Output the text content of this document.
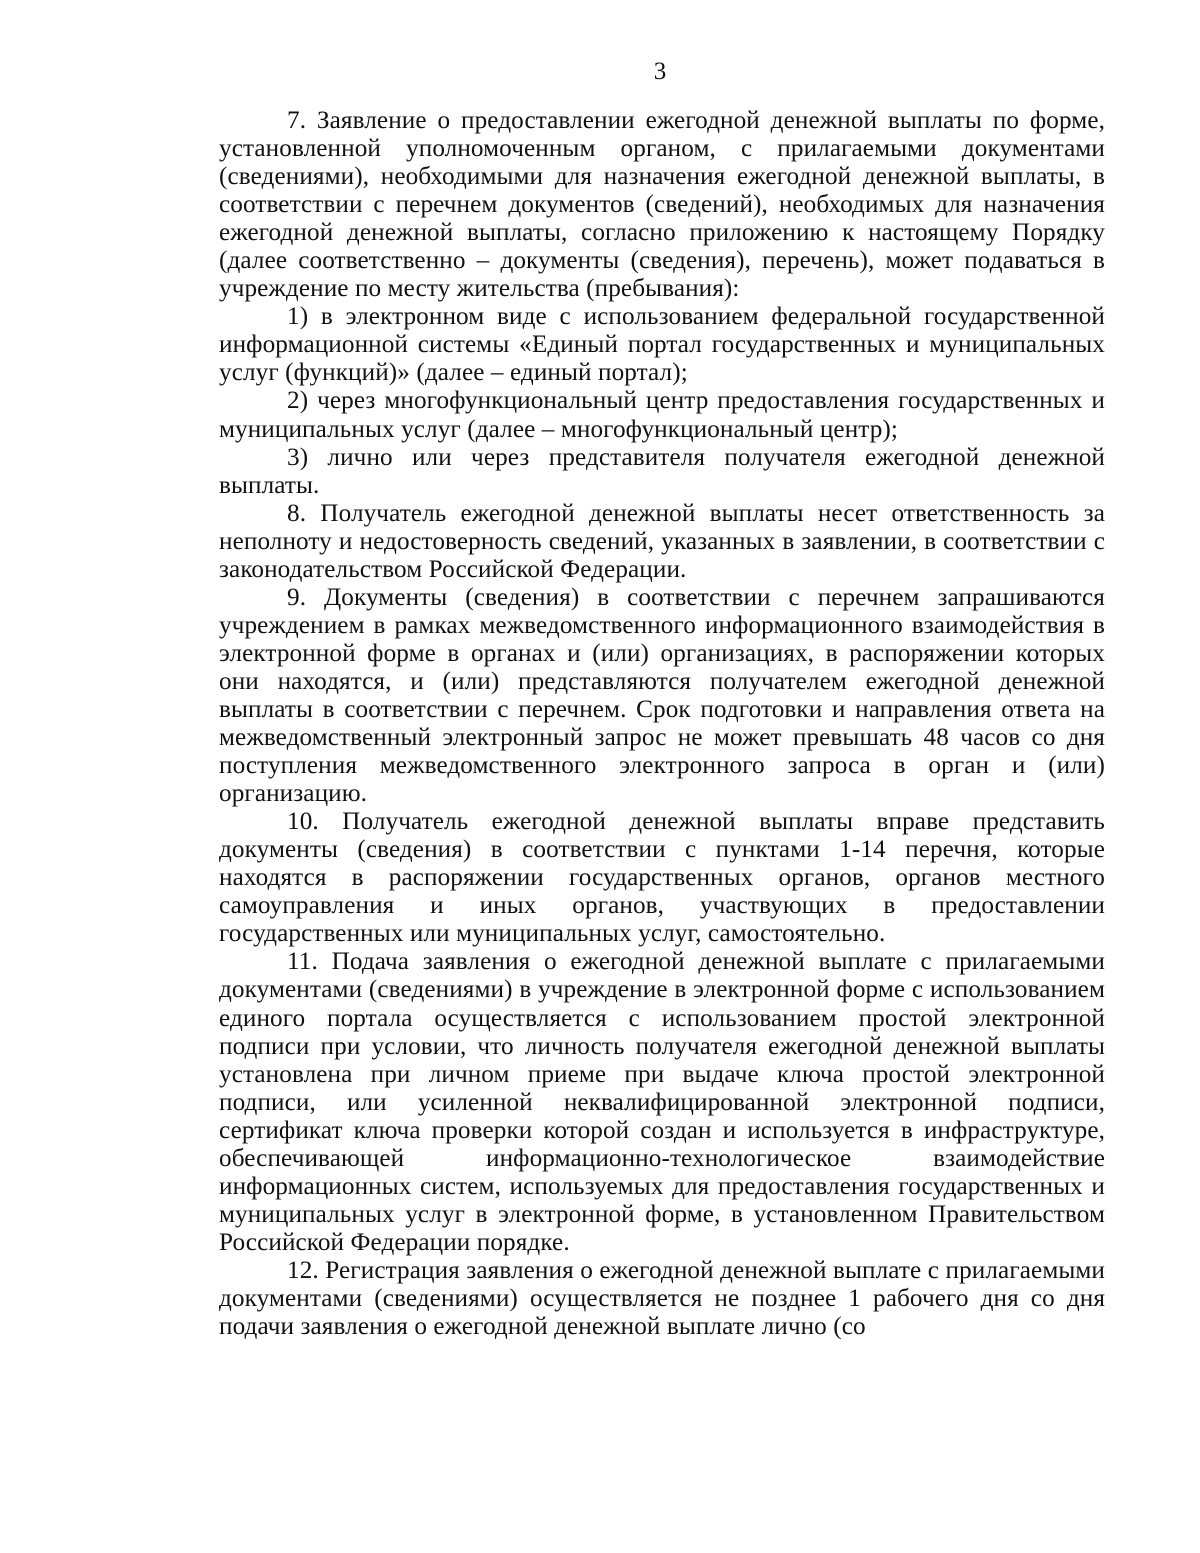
3

7. Заявление о предоставлении ежегодной денежной выплаты по форме, установленной уполномоченным органом, с прилагаемыми документами (сведениями), необходимыми для назначения ежегодной денежной выплаты, в соответствии с перечнем документов (сведений), необходимых для назначения ежегодной денежной выплаты, согласно приложению к настоящему Порядку (далее соответственно – документы (сведения), перечень), может подаваться в учреждение по месту жительства (пребывания):

1) в электронном виде с использованием федеральной государственной информационной системы «Единый портал государственных и муниципальных услуг (функций)» (далее – единый портал);

2) через многофункциональный центр предоставления государственных и муниципальных услуг (далее – многофункциональный центр);

3) лично или через представителя получателя ежегодной денежной выплаты.

8. Получатель ежегодной денежной выплаты несет ответственность за неполноту и недостоверность сведений, указанных в заявлении, в соответствии с законодательством Российской Федерации.

9. Документы (сведения) в соответствии с перечнем запрашиваются учреждением в рамках межведомственного информационного взаимодействия в электронной форме в органах и (или) организациях, в распоряжении которых они находятся, и (или) представляются получателем ежегодной денежной выплаты в соответствии с перечнем. Срок подготовки и направления ответа на межведомственный электронный запрос не может превышать 48 часов со дня поступления межведомственного электронного запроса в орган и (или) организацию.

10. Получатель ежегодной денежной выплаты вправе представить документы (сведения) в соответствии с пунктами 1-14 перечня, которые находятся в распоряжении государственных органов, органов местного самоуправления и иных органов, участвующих в предоставлении государственных или муниципальных услуг, самостоятельно.

11. Подача заявления о ежегодной денежной выплате с прилагаемыми документами (сведениями) в учреждение в электронной форме с использованием единого портала осуществляется с использованием простой электронной подписи при условии, что личность получателя ежегодной денежной выплаты установлена при личном приеме при выдаче ключа простой электронной подписи, или усиленной неквалифицированной электронной подписи, сертификат ключа проверки которой создан и используется в инфраструктуре, обеспечивающей информационно-технологическое взаимодействие информационных систем, используемых для предоставления государственных и муниципальных услуг в электронной форме, в установленном Правительством Российской Федерации порядке.

12. Регистрация заявления о ежегодной денежной выплате с прилагаемыми документами (сведениями) осуществляется не позднее 1 рабочего дня со дня подачи заявления о ежегодной денежной выплате лично (со
